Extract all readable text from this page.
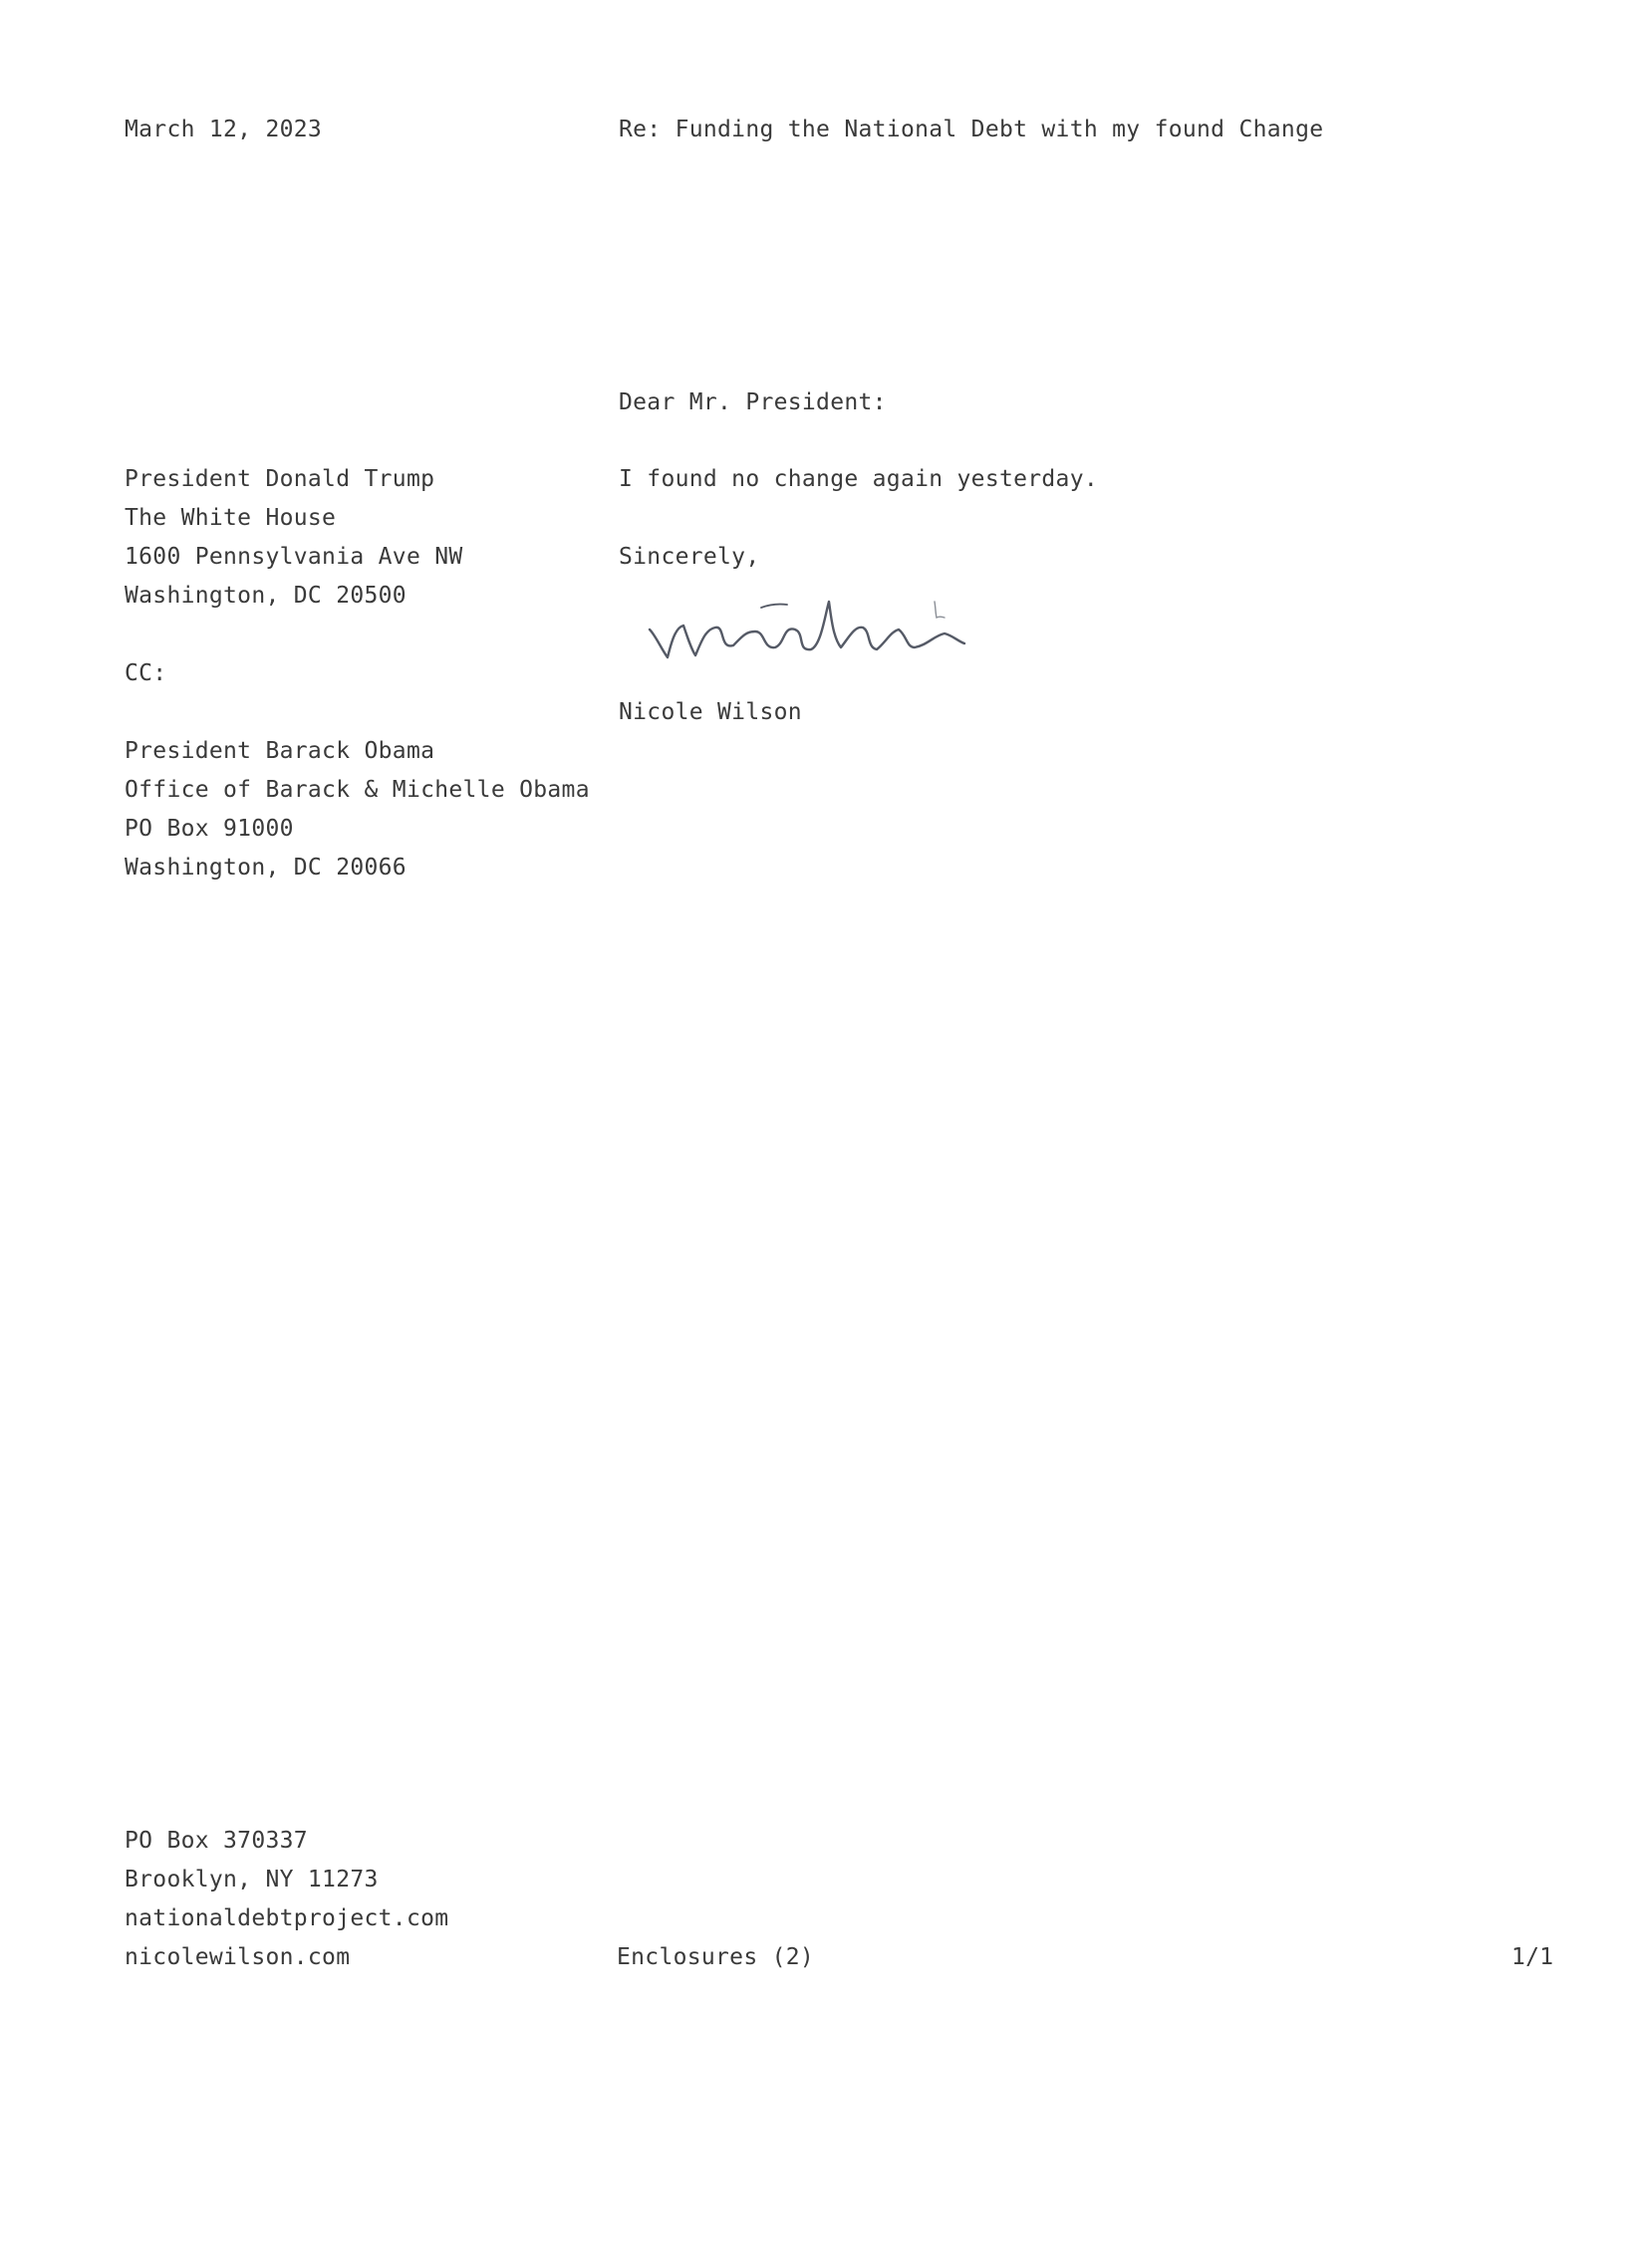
March 12, 2023	Re: Funding the National Debt with my found Change
Dear Mr. President:
President Donald Trump
The White House
1600 Pennsylvania Ave NW
Washington, DC 20500
I found no change again yesterday.
Sincerely,
CC:
Nicole Wilson
President Barack Obama
Office of Barack & Michelle Obama
PO Box 91000
Washington, DC 20066
PO Box 370337
Brooklyn, NY 11273
nationaldebtproject.com
nicolewilson.com	Enclosures (2)	1/1
